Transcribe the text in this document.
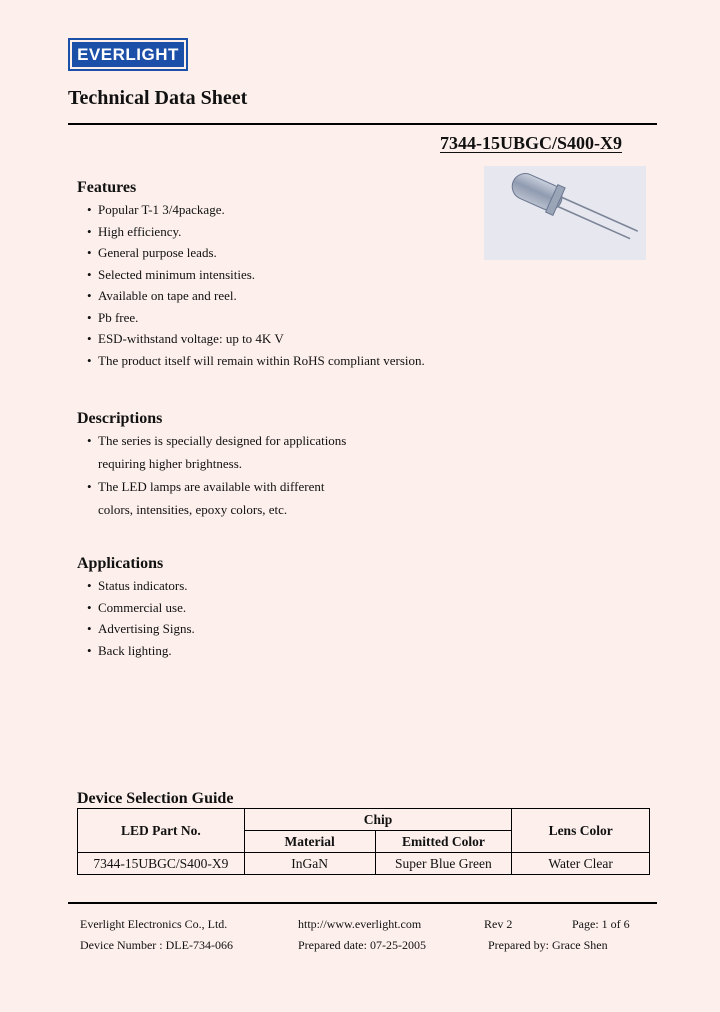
EVERLIGHT
Technical Data Sheet
7344-15UBGC/S400-X9
Features
• Popular T-1 3/4package.
• High efficiency.
• General purpose leads.
• Selected minimum intensities.
• Available on tape and reel.
• Pb free.
• ESD-withstand voltage: up to 4K V
• The product itself will remain within RoHS compliant version.
Descriptions
• The series is specially designed for applications
requiring higher brightness.
• The LED lamps are available with different
colors, intensities, epoxy colors, etc.
Applications
• Status indicators.
• Commercial use.
• Advertising Signs.
• Back lighting.
Device Selection Guide
LED Part No.	Chip		Lens Color
	Material	Emitted Color	
7344-15UBGC/S400-X9	InGaN	Super Blue Green	Water Clear
Everlight Electronics Co., Ltd.	http://www.everlight.com	Rev 2	Page: 1 of 6
Device Number : DLE-734-066	Prepared date: 07-25-2005	Prepared by: Grace Shen
